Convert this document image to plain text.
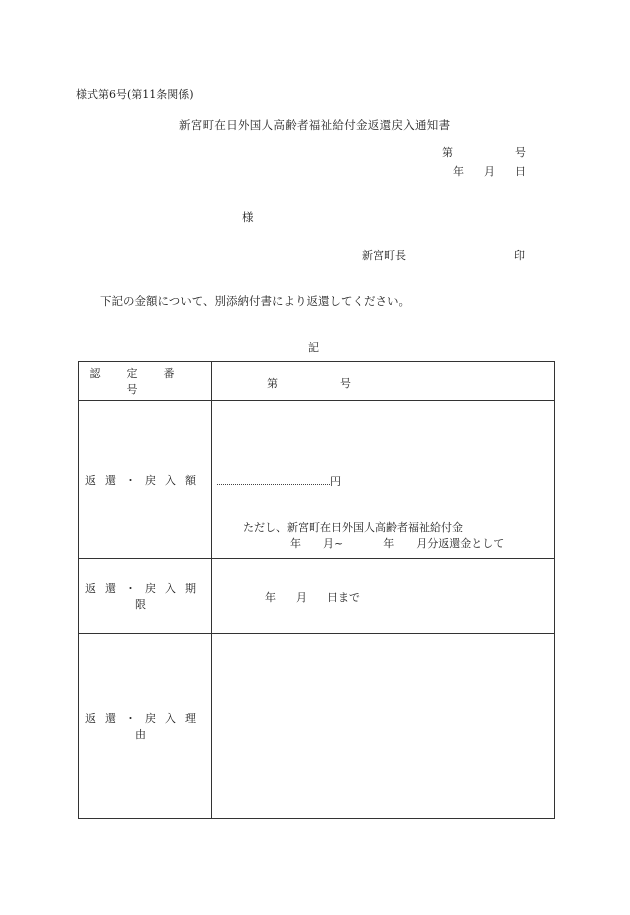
様式第6号(第11条関係)
新宮町在日外国人高齢者福祉給付金返還戻入通知書
第	号
年 月 日
様
新宮町長	印
下記の金額について、別添納付書により返還してください。
記
認定番号	第 号

返還・戻入額	円
ただし、新宮町在日外国人高齢者福祉給付金
年 月~ 年 月分返還金として

返還・戻入期限	年 月 日まで

返還・戻入理由	
